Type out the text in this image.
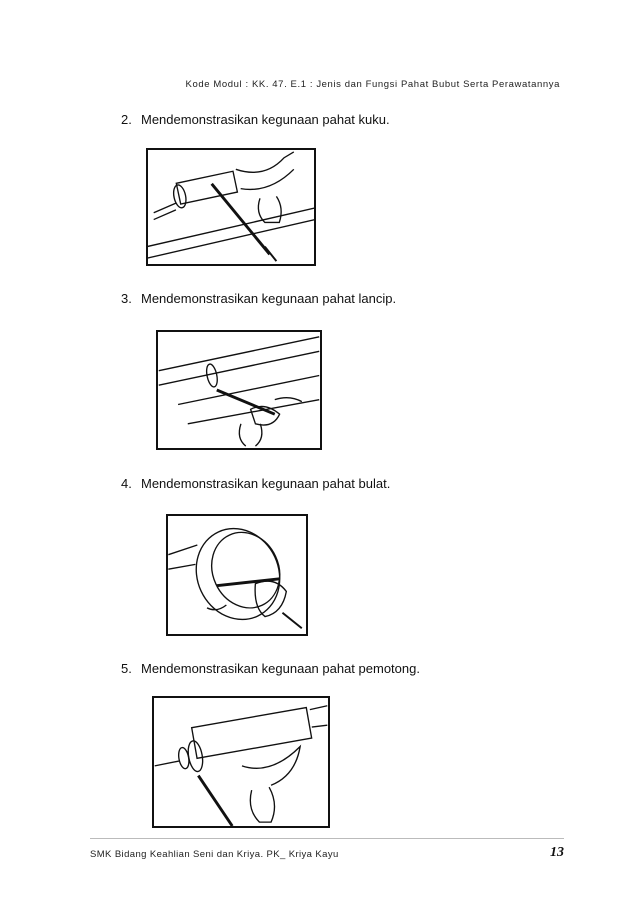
Kode Modul : KK. 47. E.1 : Jenis dan Fungsi Pahat Bubut Serta Perawatannya
2. Mendemonstrasikan kegunaan pahat kuku.
3. Mendemonstrasikan kegunaan pahat lancip.
4. Mendemonstrasikan kegunaan pahat bulat.
5. Mendemonstrasikan kegunaan pahat pemotong.
SMK Bidang Keahlian Seni dan Kriya. PK_ Kriya Kayu	13
